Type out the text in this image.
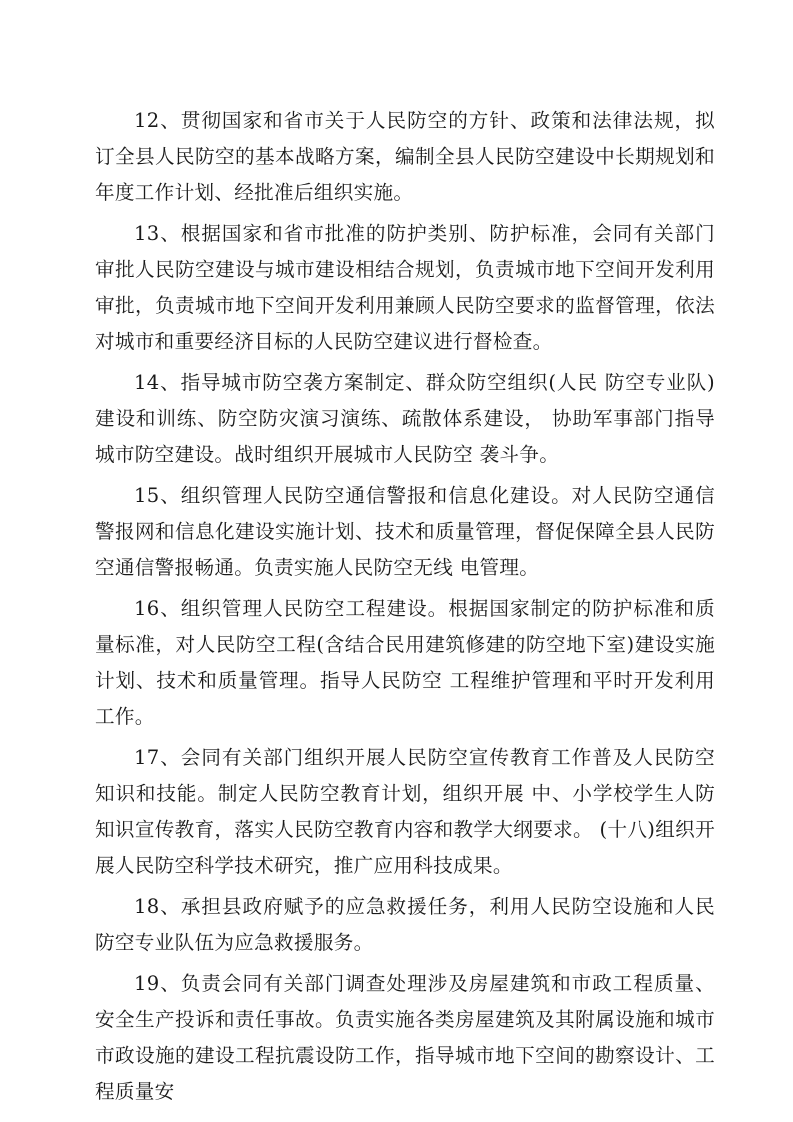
12、贯彻国家和省市关于人民防空的方针、政策和法律法规，拟订全县人民防空的基本战略方案，编制全县人民防空建设中长期规划和年度工作计划、经批准后组织实施。

13、根据国家和省市批准的防护类别、防护标准，会同有关部门审批人民防空建设与城市建设相结合规划，负责城市地下空间开发利用审批，负责城市地下空间开发利用兼顾人民防空要求的监督管理，依法对城市和重要经济目标的人民防空建议进行督检查。

14、指导城市防空袭方案制定、群众防空组织(人民 防空专业队)建设和训练、防空防灾演习演练、疏散体系建设， 协助军事部门指导城市防空建设。战时组织开展城市人民防空 袭斗争。

15、组织管理人民防空通信警报和信息化建设。对人民防空通信警报网和信息化建设实施计划、技术和质量管理，督促保障全县人民防空通信警报畅通。负责实施人民防空无线 电管理。

16、组织管理人民防空工程建设。根据国家制定的防护标准和质量标准，对人民防空工程(含结合民用建筑修建的防空地下室)建设实施计划、技术和质量管理。指导人民防空 工程维护管理和平时开发利用工作。

17、会同有关部门组织开展人民防空宣传教育工作普及人民防空知识和技能。制定人民防空教育计划，组织开展 中、小学校学生人防知识宣传教育，落实人民防空教育内容和教学大纲要求。 (十八)组织开展人民防空科学技术研究，推广应用科技成果。

18、承担县政府赋予的应急救援任务，利用人民防空设施和人民防空专业队伍为应急救援服务。

19、负责会同有关部门调查处理涉及房屋建筑和市政工程质量、安全生产投诉和责任事故。负责实施各类房屋建筑及其附属设施和城市市政设施的建设工程抗震设防工作，指导城市地下空间的勘察设计、工程质量安
